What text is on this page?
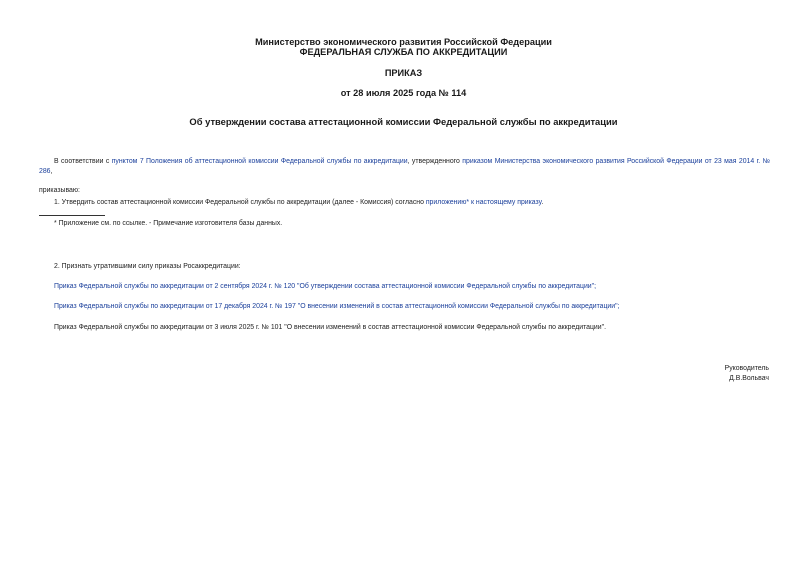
Министерство экономического развития Российской Федерации
ФЕДЕРАЛЬНАЯ СЛУЖБА ПО АККРЕДИТАЦИИ
ПРИКАЗ
от 28 июля 2025 года № 114
Об утверждении состава аттестационной комиссии Федеральной службы по аккредитации
В соответствии с пунктом 7 Положения об аттестационной комиссии Федеральной службы по аккредитации, утвержденного приказом Министерства экономического развития Российской Федерации от 23 мая 2014 г. № 286,
приказываю:
1. Утвердить состав аттестационной комиссии Федеральной службы по аккредитации (далее - Комиссия) согласно приложению* к настоящему приказу.
* Приложение см. по ссылке. - Примечание изготовителя базы данных.
2. Признать утратившими силу приказы Росаккредитации:
Приказ Федеральной службы по аккредитации от 2 сентября 2024 г. № 120 "Об утверждении состава аттестационной комиссии Федеральной службы по аккредитации";
Приказ Федеральной службы по аккредитации от 17 декабря 2024 г. № 197 "О внесении изменений в состав аттестационной комиссии Федеральной службы по аккредитации";
Приказ Федеральной службы по аккредитации от 3 июля 2025 г. № 101 "О внесении изменений в состав аттестационной комиссии Федеральной службы по аккредитации".
Руководитель
Д.В.Вольвач
